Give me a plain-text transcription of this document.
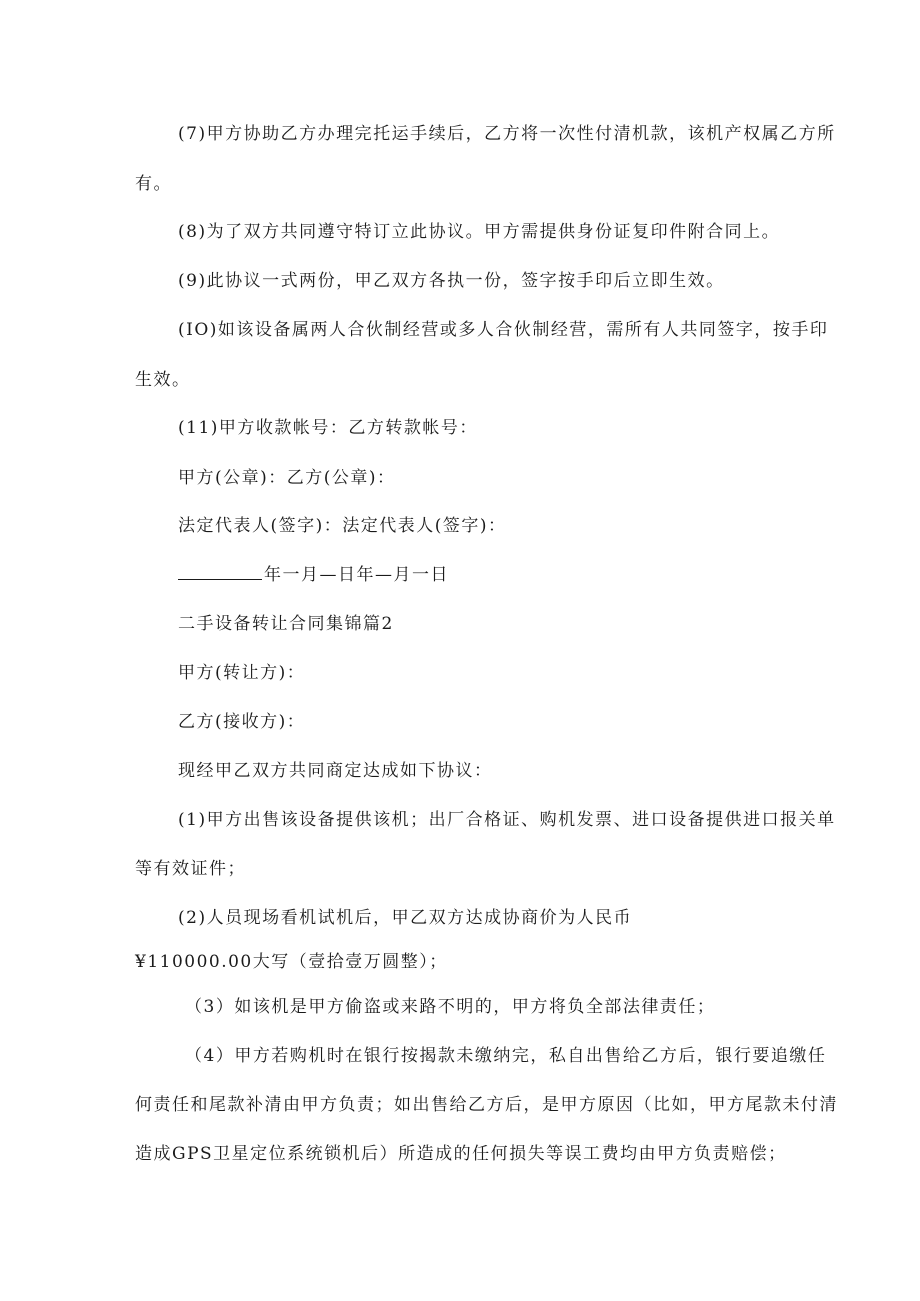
(7)甲方协助乙方办理完托运手续后，乙方将一次性付清机款，该机产权属乙方所
有。
(8)为了双方共同遵守特订立此协议。甲方需提供身份证复印件附合同上。
(9)此协议一式两份，甲乙双方各执一份，签字按手印后立即生效。
(IO)如该设备属两人合伙制经营或多人合伙制经营，需所有人共同签字，按手印
生效。
(11)甲方收款帐号：乙方转款帐号：
甲方(公章)：乙方(公章)：
法定代表人(签字)：法定代表人(签字)：
年一月—日年—月一日
二手设备转让合同集锦篇2
甲方(转让方)：
乙方(接收方)：
现经甲乙双方共同商定达成如下协议：
(1)甲方出售该设备提供该机；出厂合格证、购机发票、进口设备提供进口报关单
等有效证件；
(2)人员现场看机试机后，甲乙双方达成协商价为人民币
¥110000.00大写（壹拾壹万圆整）；
（3）如该机是甲方偷盗或来路不明的，甲方将负全部法律责任；
（4）甲方若购机时在银行按揭款未缴纳完，私自出售给乙方后，银行要追缴任
何责任和尾款补清由甲方负责；如出售给乙方后，是甲方原因（比如，甲方尾款未付清
造成GPS卫星定位系统锁机后）所造成的任何损失等误工费均由甲方负责赔偿；
